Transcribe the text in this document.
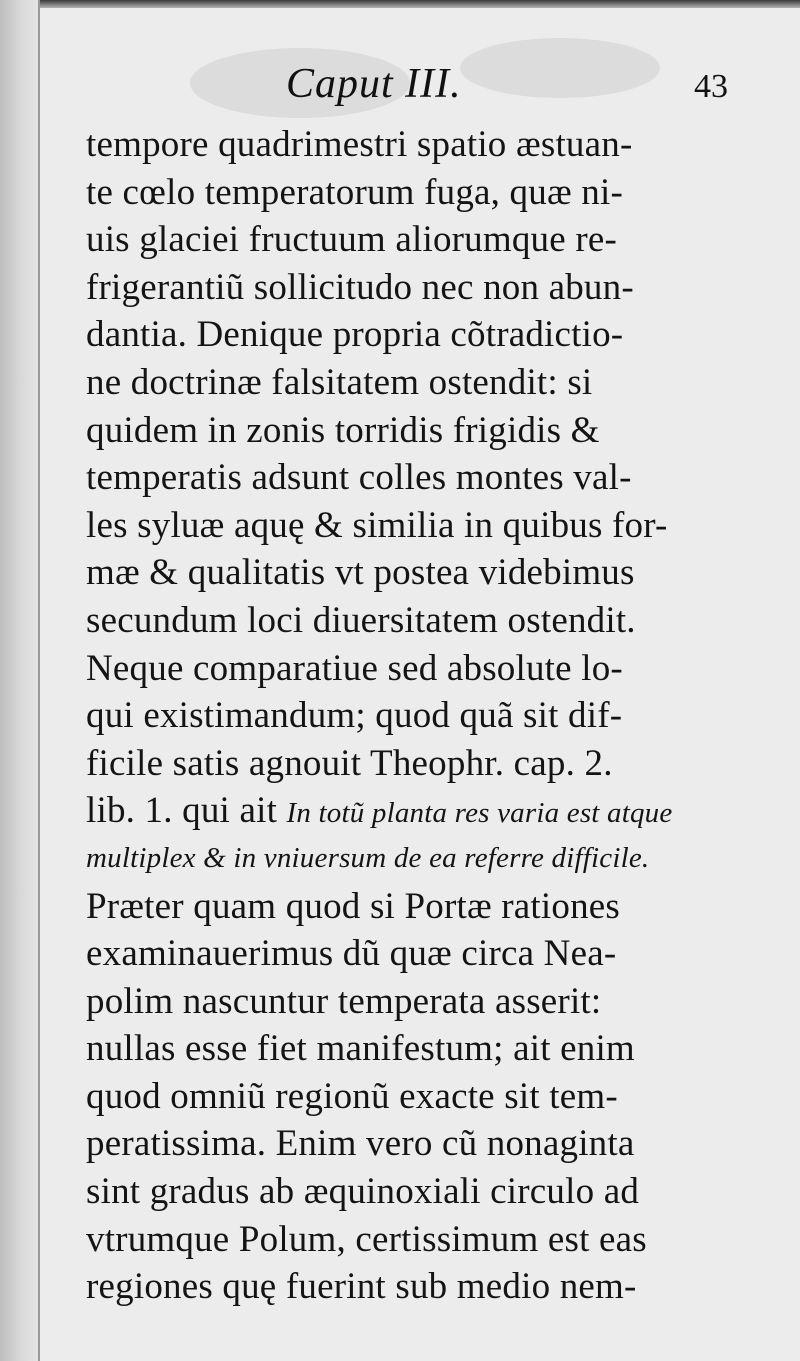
Caput III.	43
tempore quadrimestri spatio æstuan-
te cœlo temperatorum fuga, quæ ni-
uis glaciei fructuum aliorumque re-
frigerantiũ sollicitudo nec non abun-
dantia. Denique propria cõtradictio-
ne doctrinæ falsitatem ostendit: si
quidem in zonis torridis frigidis &
temperatis adsunt colles montes val-
les syluæ aquę & similia in quibus for-
mæ & qualitatis vt postea videbimus
secundum loci diuersitatem ostendit.
Neque comparatiue sed absolute lo-
qui existimandum; quod quã sit dif-
ficile satis agnouit Theophr. cap. 2.
lib. 1. qui ait In totũ planta res varia est atque
multiplex & in vniuersum de ea referre difficile.
Præter quam quod si Portæ rationes
examinauerimus dũ quæ circa Nea-
polim nascuntur temperata asserit:
nullas esse fiet manifestum; ait enim
quod omniũ regionũ exacte sit tem-
peratissima. Enim vero cũ nonaginta
sint gradus ab æquinoxiali circulo ad
vtrumque Polum, certissimum est eas
regiones quę fuerint sub medio nem-
